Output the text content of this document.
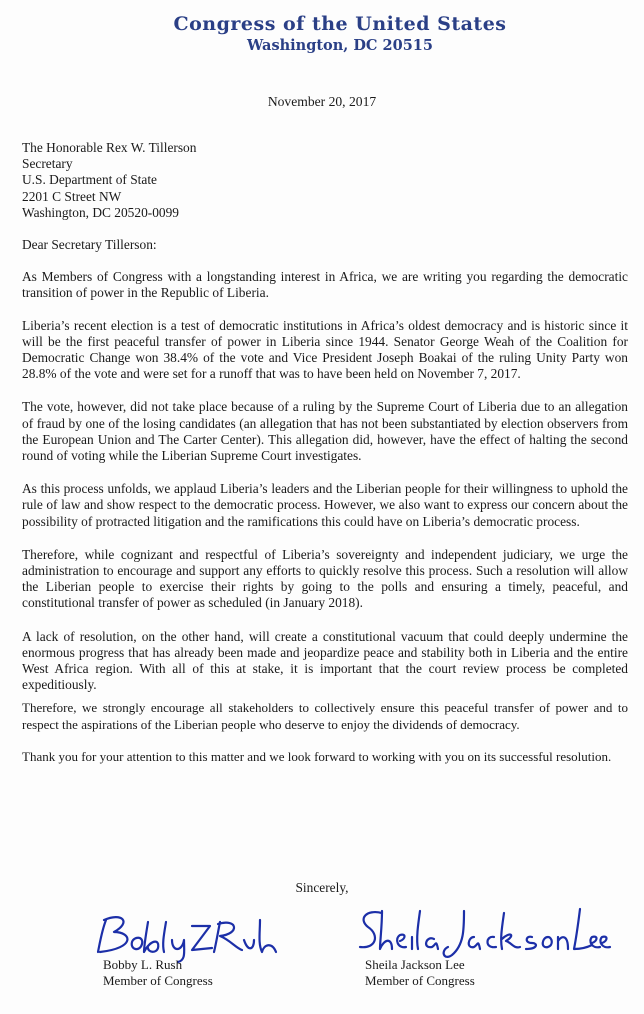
Congress of the United States
Washington, DC 20515
November 20, 2017
The Honorable Rex W. Tillerson
Secretary
U.S. Department of State
2201 C Street NW
Washington, DC 20520-0099
Dear Secretary Tillerson:

As Members of Congress with a longstanding interest in Africa, we are writing you regarding the democratic transition of power in the Republic of Liberia.

Liberia’s recent election is a test of democratic institutions in Africa’s oldest democracy and is historic since it will be the first peaceful transfer of power in Liberia since 1944. Senator George Weah of the Coalition for Democratic Change won 38.4% of the vote and Vice President Joseph Boakai of the ruling Unity Party won 28.8% of the vote and were set for a runoff that was to have been held on November 7, 2017.

The vote, however, did not take place because of a ruling by the Supreme Court of Liberia due to an allegation of fraud by one of the losing candidates (an allegation that has not been substantiated by election observers from the European Union and The Carter Center). This allegation did, however, have the effect of halting the second round of voting while the Liberian Supreme Court investigates.

As this process unfolds, we applaud Liberia’s leaders and the Liberian people for their willingness to uphold the rule of law and show respect to the democratic process. However, we also want to express our concern about the possibility of protracted litigation and the ramifications this could have on Liberia’s democratic process.

Therefore, while cognizant and respectful of Liberia’s sovereignty and independent judiciary, we urge the administration to encourage and support any efforts to quickly resolve this process. Such a resolution will allow the Liberian people to exercise their rights by going to the polls and ensuring a timely, peaceful, and constitutional transfer of power as scheduled (in January 2018).

A lack of resolution, on the other hand, will create a constitutional vacuum that could deeply undermine the enormous progress that has already been made and jeopardize peace and stability both in Liberia and the entire West Africa region. With all of this at stake, it is important that the court review process be completed expeditiously.

Therefore, we strongly encourage all stakeholders to collectively ensure this peaceful transfer of power and to respect the aspirations of the Liberian people who deserve to enjoy the dividends of democracy.

Thank you for your attention to this matter and we look forward to working with you on its successful resolution.

Sincerely,
Bobby L. Rush
Member of Congress
Sheila Jackson Lee
Member of Congress
